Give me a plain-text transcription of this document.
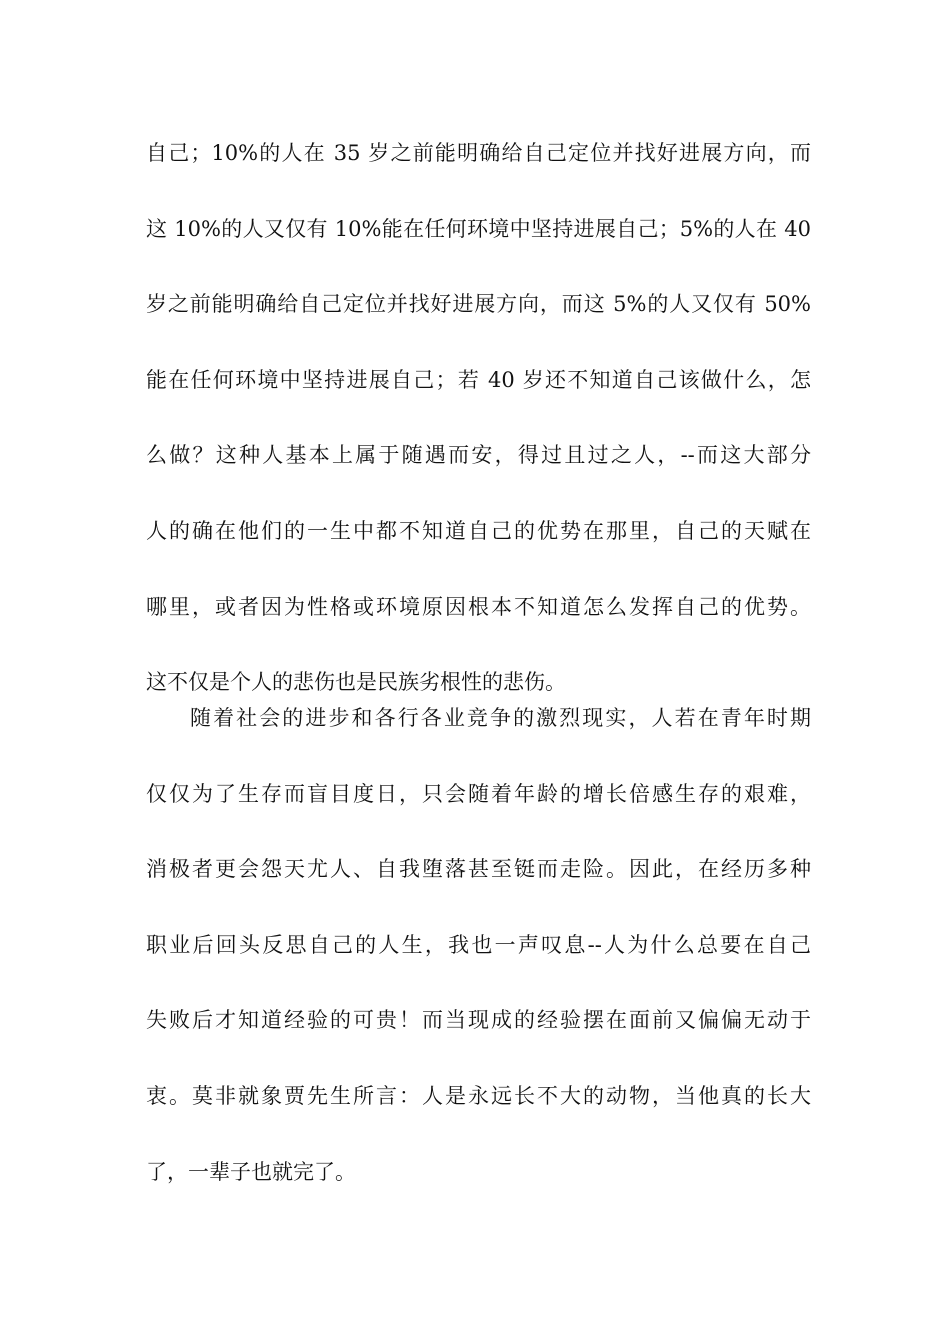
自己；10%的人在 35 岁之前能明确给自己定位并找好进展方向，而
这 10%的人又仅有 10%能在任何环境中坚持进展自己；5%的人在 40
岁之前能明确给自己定位并找好进展方向，而这 5%的人又仅有 50%
能在任何环境中坚持进展自己；若 40 岁还不知道自己该做什么，怎
么做？这种人基本上属于随遇而安，得过且过之人，--而这大部分
人的确在他们的一生中都不知道自己的优势在那里，自己的天赋在
哪里，或者因为性格或环境原因根本不知道怎么发挥自己的优势。
这不仅是个人的悲伤也是民族劣根性的悲伤。
随着社会的进步和各行各业竞争的激烈现实，人若在青年时期
仅仅为了生存而盲目度日，只会随着年龄的增长倍感生存的艰难，
消极者更会怨天尤人、自我堕落甚至铤而走险。因此，在经历多种
职业后回头反思自己的人生，我也一声叹息--人为什么总要在自己
失败后才知道经验的可贵！而当现成的经验摆在面前又偏偏无动于
衷。莫非就象贾先生所言：人是永远长不大的动物，当他真的长大
了，一辈子也就完了。
